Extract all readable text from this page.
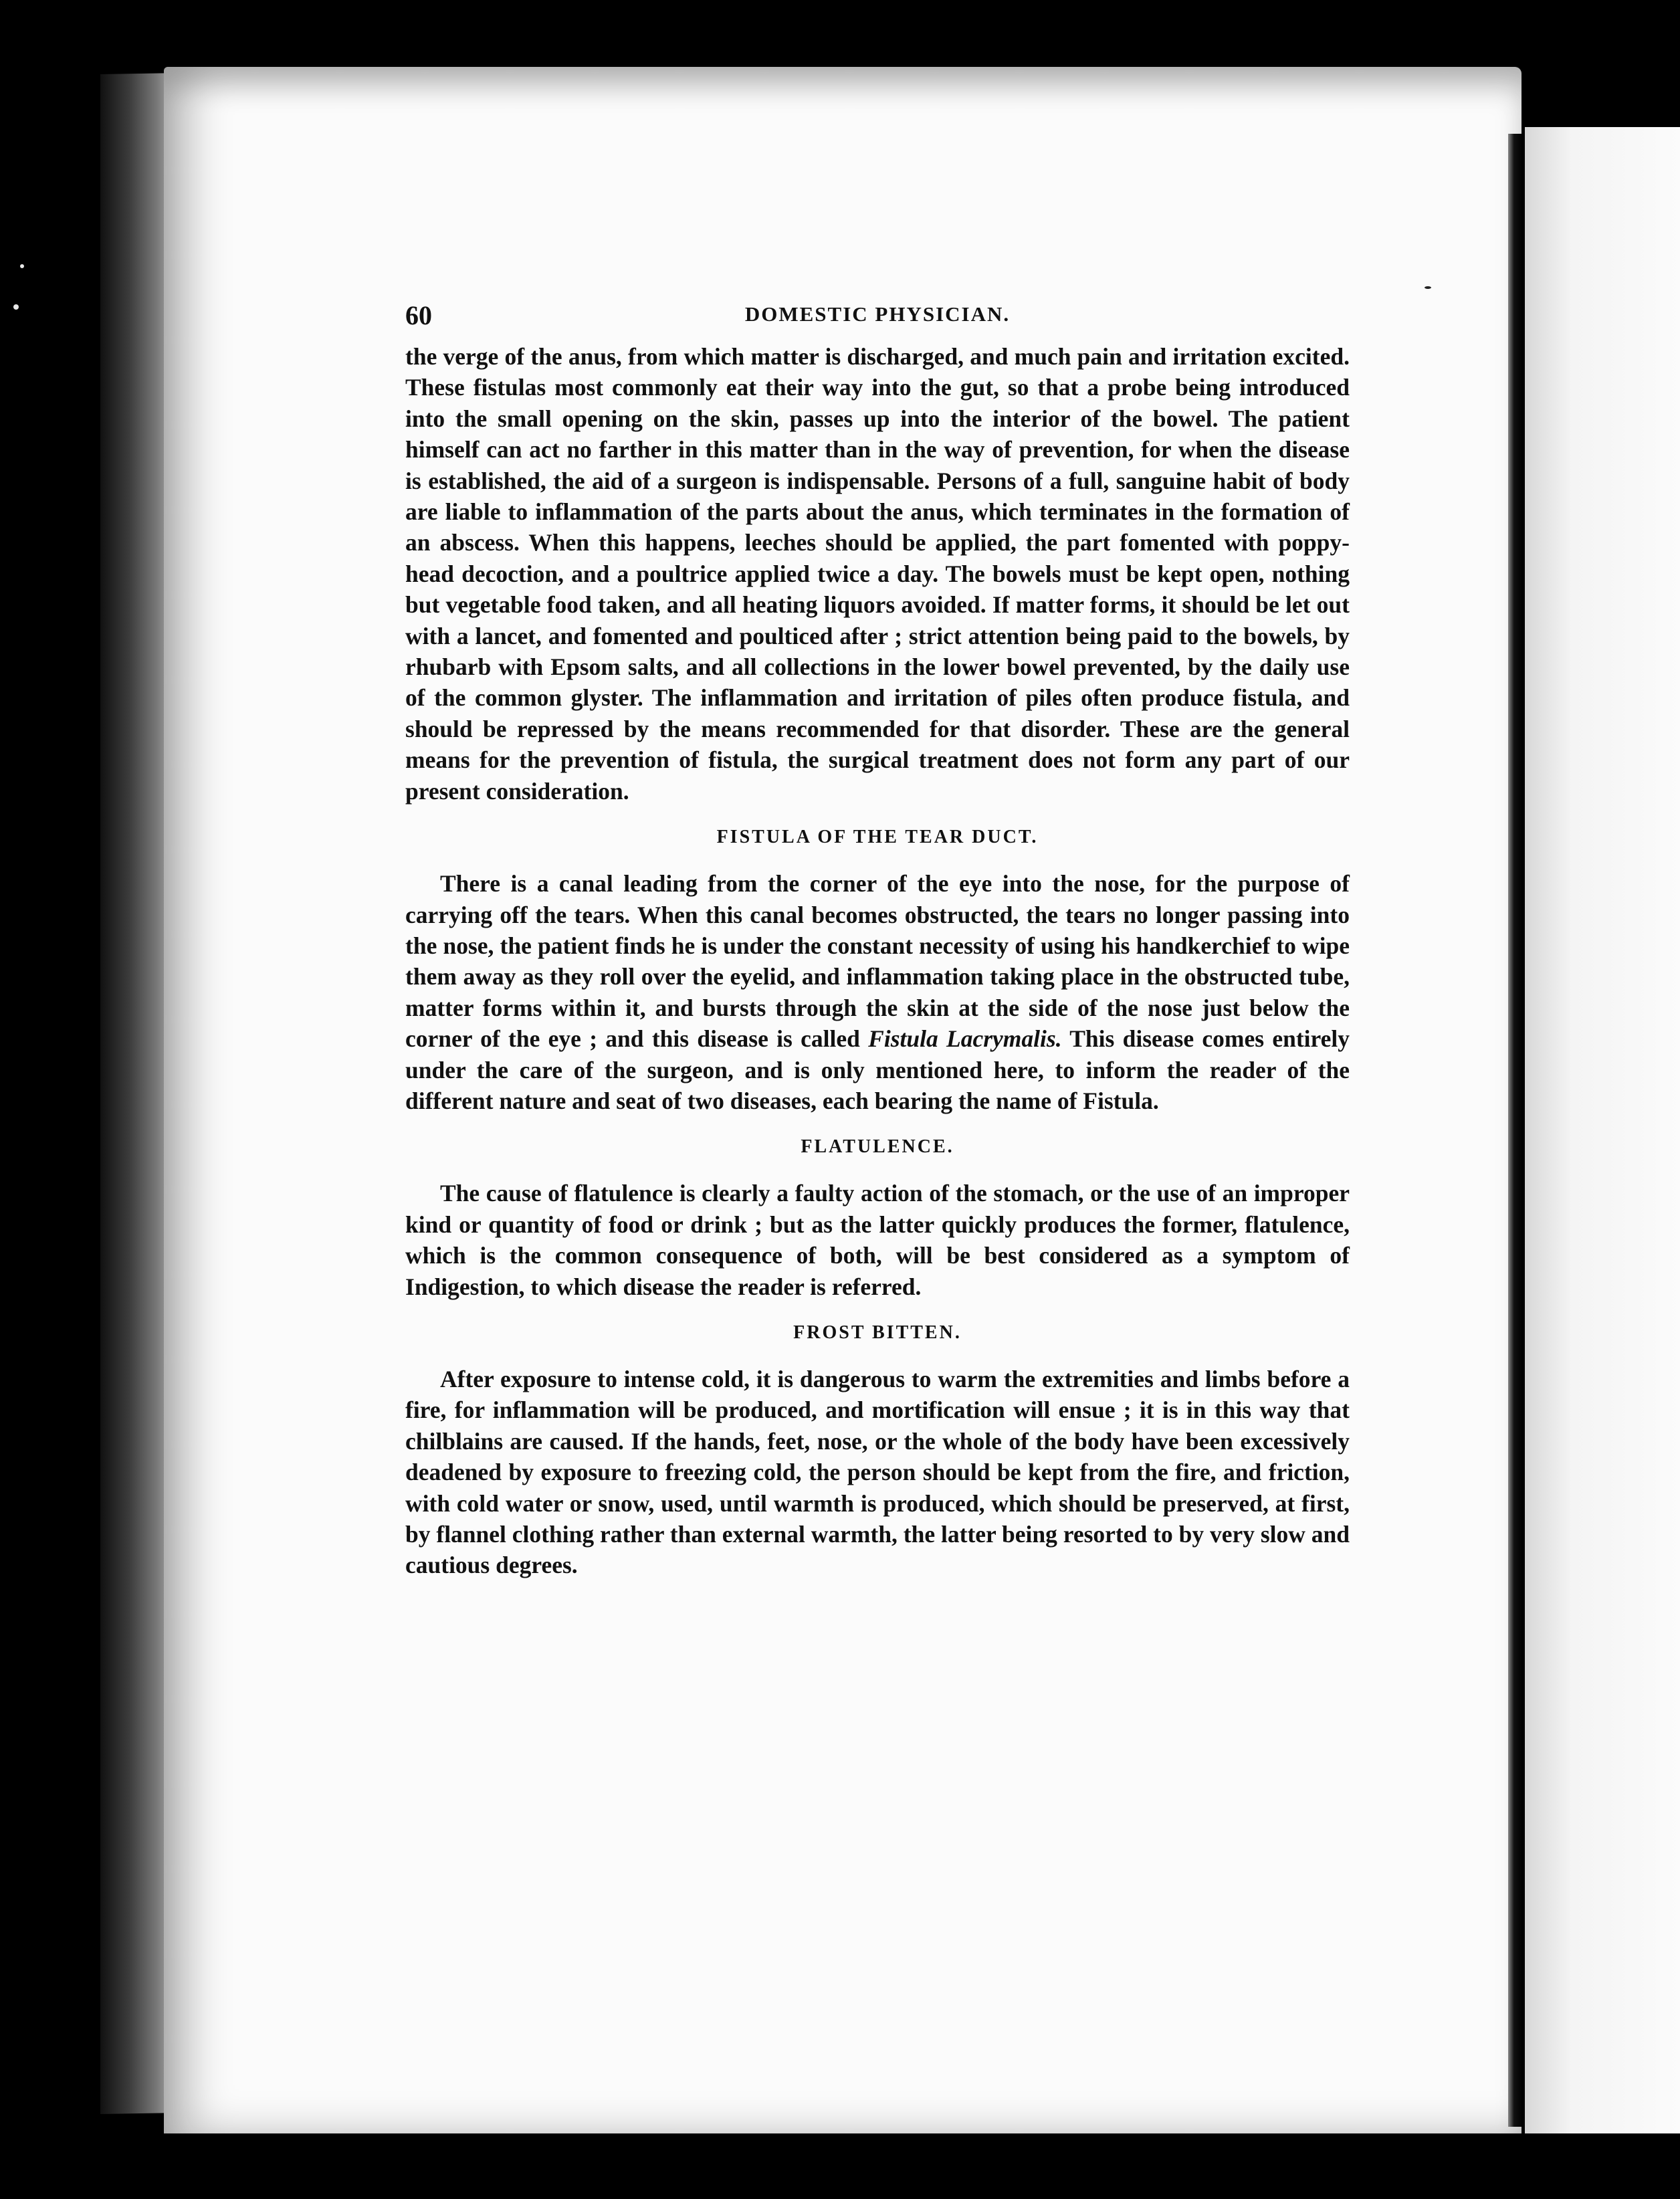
60	DOMESTIC PHYSICIAN.

the verge of the anus, from which matter is discharged, and much pain and irritation excited. These fistulas most commonly eat their way into the gut, so that a probe being introduced into the small opening on the skin, passes up into the interior of the bowel. The patient himself can act no farther in this matter than in the way of prevention, for when the disease is established, the aid of a surgeon is indispensable. Persons of a full, sanguine habit of body are liable to inflammation of the parts about the anus, which terminates in the formation of an abscess. When this happens, leeches should be applied, the part fomented with poppy-head decoction, and a poultrice applied twice a day. The bowels must be kept open, nothing but vegetable food taken, and all heating liquors avoided. If matter forms, it should be let out with a lancet, and fomented and poulticed after ; strict attention being paid to the bowels, by rhubarb with Epsom salts, and all collections in the lower bowel prevented, by the daily use of the common glyster. The inflammation and irritation of piles often produce fistula, and should be repressed by the means recommended for that disorder. These are the general means for the prevention of fistula, the surgical treatment does not form any part of our present consideration.

FISTULA OF THE TEAR DUCT.

There is a canal leading from the corner of the eye into the nose, for the purpose of carrying off the tears. When this canal becomes obstructed, the tears no longer passing into the nose, the patient finds he is under the constant necessity of using his handkerchief to wipe them away as they roll over the eyelid, and inflammation taking place in the obstructed tube, matter forms within it, and bursts through the skin at the side of the nose just below the corner of the eye ; and this disease is called Fistula Lacrymalis. This disease comes entirely under the care of the surgeon, and is only mentioned here, to inform the reader of the different nature and seat of two diseases, each bearing the name of Fistula.

FLATULENCE.

The cause of flatulence is clearly a faulty action of the stomach, or the use of an improper kind or quantity of food or drink ; but as the latter quickly produces the former, flatulence, which is the common consequence of both, will be best considered as a symptom of Indigestion, to which disease the reader is referred.

FROST BITTEN.

After exposure to intense cold, it is dangerous to warm the extremities and limbs before a fire, for inflammation will be produced, and mortification will ensue ; it is in this way that chilblains are caused. If the hands, feet, nose, or the whole of the body have been excessively deadened by exposure to freezing cold, the person should be kept from the fire, and friction, with cold water or snow, used, until warmth is produced, which should be preserved, at first, by flannel clothing rather than external warmth, the latter being resorted to by very slow and cautious degrees.
